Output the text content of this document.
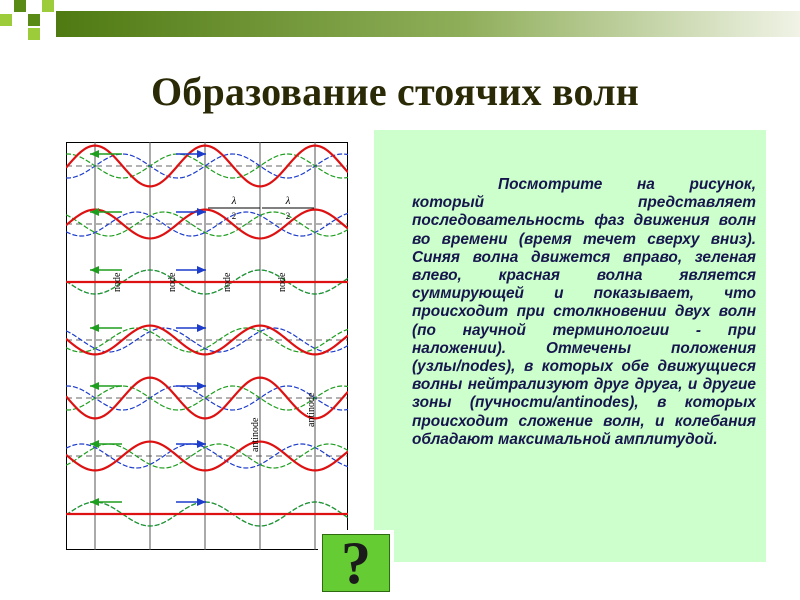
Образование стоячих волн
λ
2
λ
2
node	node	node	node
antinode
antinode

Посмотрите на рисунок, который представляет последовательность фаз движения волн во времени (время течет сверху вниз). Синяя волна движется вправо, зеленая влево, красная волна является суммирующей и показывает, что происходит при столкновении двух волн (по научной терминологии - при наложении). Отмечены положения (узлы/nodes), в которых обе движущиеся волны нейтрализуют друг друга, и другие зоны (пучности/antinodes), в которых происходит сложение волн, и колебания обладают максимальной амплитудой.

?
